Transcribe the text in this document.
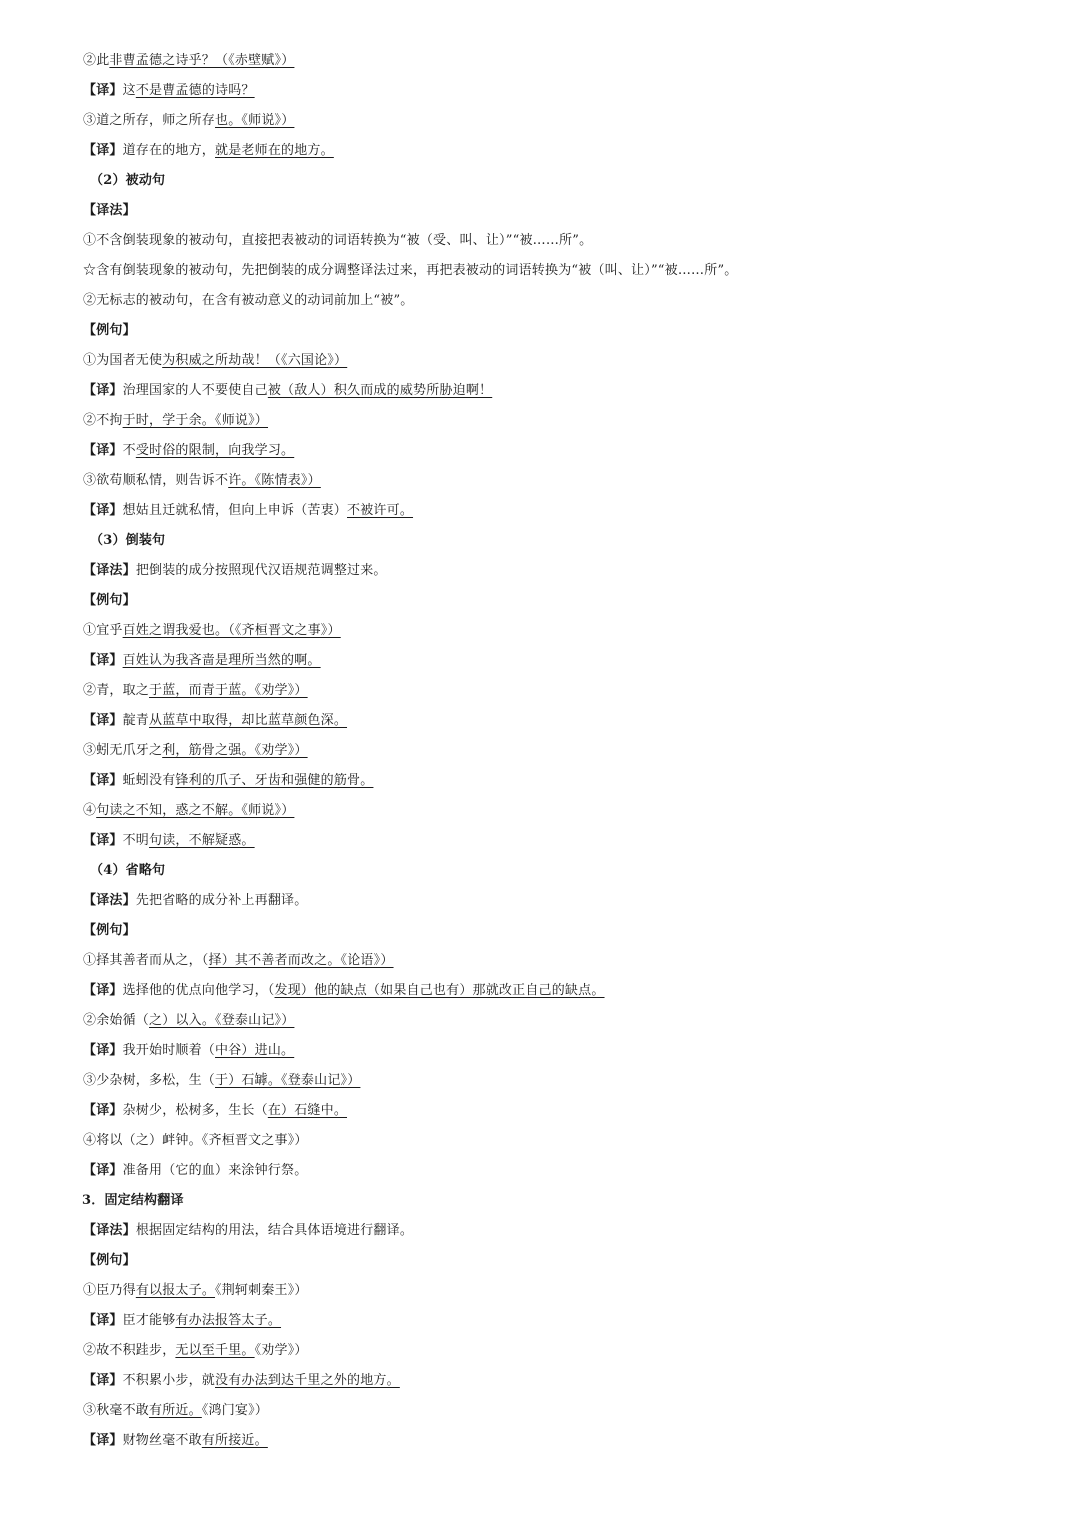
②此非曹孟德之诗乎？（《赤壁赋》）
【译】这不是曹孟德的诗吗？
③道之所存，师之所存也。《师说》）
【译】道存在的地方，就是老师在的地方。
（2）被动句
【译法】
①不含倒装现象的被动句，直接把表被动的词语转换为“被（受、叫、让）”“被……所”。
☆含有倒装现象的被动句，先把倒装的成分调整译法过来，再把表被动的词语转换为“被（叫、让）”“被……所”。
②无标志的被动句，在含有被动意义的动词前加上“被”。
【例句】
①为国者无使为积威之所劫哉！（《六国论》）
【译】治理国家的人不要使自己被（敌人）积久而成的威势所胁迫啊！
②不拘于时，学于余。《师说》）
【译】不受时俗的限制，向我学习。
③欲苟顺私情，则告诉不许。《陈情表》）
【译】想姑且迁就私情，但向上申诉（苦衷）不被许可。
（3）倒装句
【译法】把倒装的成分按照现代汉语规范调整过来。
【例句】
①宜乎百姓之谓我爱也。（《齐桓晋文之事》）
【译】百姓认为我吝啬是理所当然的啊。
②青，取之于蓝，而青于蓝。《劝学》）
【译】靛青从蓝草中取得，却比蓝草颜色深。
③蚓无爪牙之利，筋骨之强。《劝学》）
【译】蚯蚓没有锋利的爪子、牙齿和强健的筋骨。
④句读之不知，惑之不解。《师说》）
【译】不明句读，不解疑惑。
（4）省略句
【译法】先把省略的成分补上再翻译。
【例句】
①择其善者而从之，（择）其不善者而改之。《论语》）
【译】选择他的优点向他学习，（发现）他的缺点（如果自己也有）那就改正自己的缺点。
②余始循（之）以入。《登泰山记》）
【译】我开始时顺着（中谷）进山。
③少杂树，多松，生（于）石罅。《登泰山记》）
【译】杂树少，松树多，生长（在）石缝中。
④将以（之）衅钟。《齐桓晋文之事》）
【译】准备用（它的血）来涂钟行祭。
3．固定结构翻译
【译法】根据固定结构的用法，结合具体语境进行翻译。
【例句】
①臣乃得有以报太子。《荆轲刺秦王》）
【译】臣才能够有办法报答太子。
②故不积跬步，无以至千里。《劝学》）
【译】不积累小步，就没有办法到达千里之外的地方。
③秋毫不敢有所近。《鸿门宴》）
【译】财物丝毫不敢有所接近。
